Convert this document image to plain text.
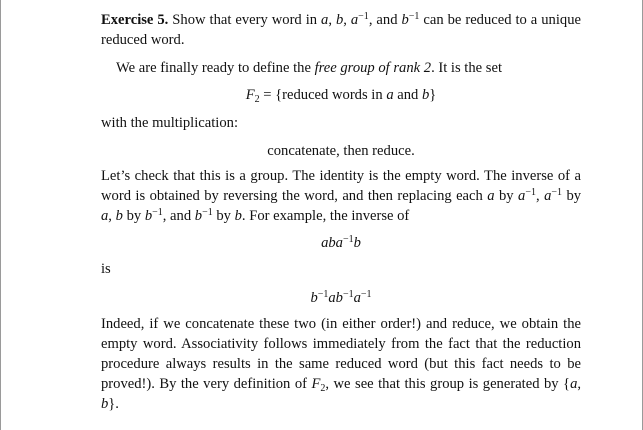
Exercise 5. Show that every word in a, b, $a^{-1}$, and $b^{-1}$ can be reduced to a unique reduced word.
We are finally ready to define the free group of rank 2. It is the set
$F_2$ = {reduced words in a and b}
with the multiplication:
concatenate, then reduce.
Let’s check that this is a group. The identity is the empty word. The inverse of a word is obtained by reversing the word, and then replacing each a by $a^{-1}$, $a^{-1}$ by a, b by $b^{-1}$, and $b^{-1}$ by b. For example, the inverse of
aba$^{-1}$b
is
$b^{-1}ab^{-1}a^{-1}$
Indeed, if we concatenate these two (in either order!) and reduce, we obtain the empty word. Associativity follows immediately from the fact that the reduction procedure always results in the same reduced word (but this fact needs to be proved!). By the very definition of $F_2$, we see that this group is generated by {a, b}.
